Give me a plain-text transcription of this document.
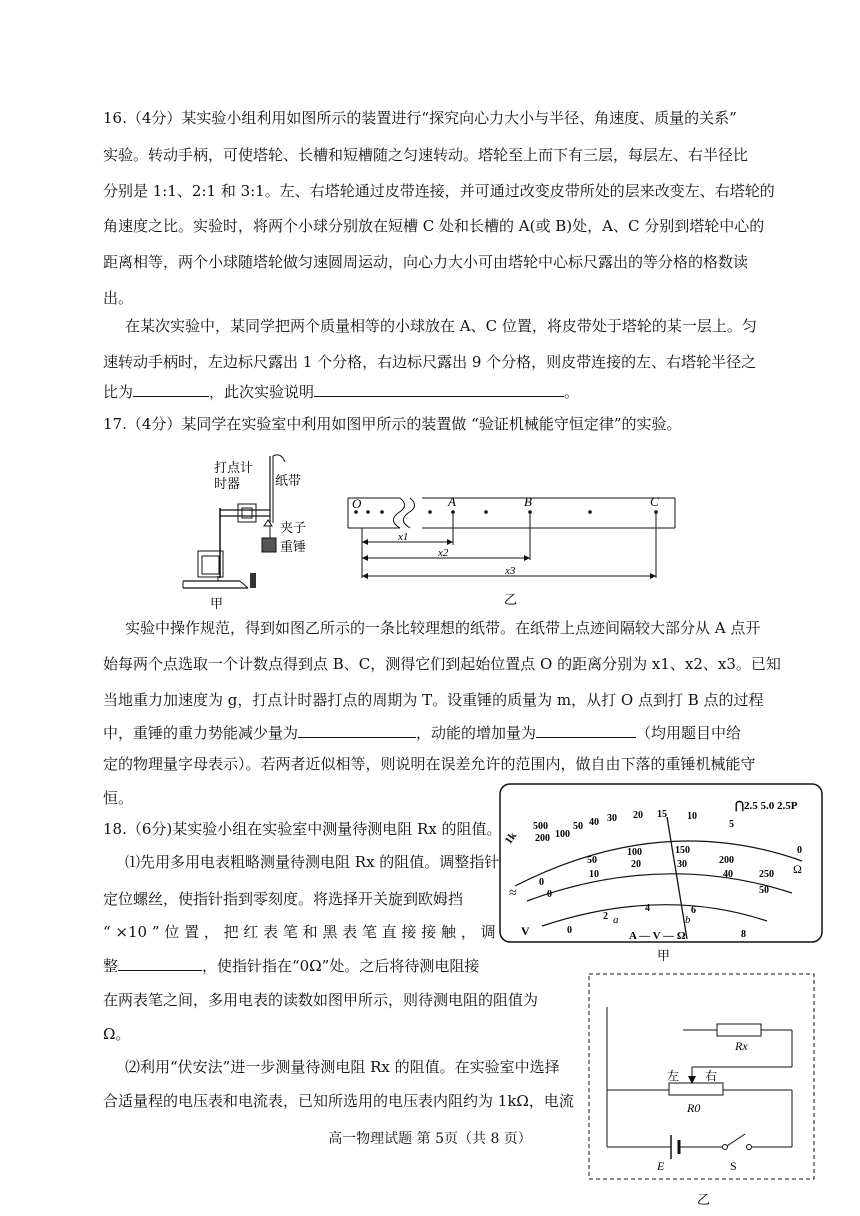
16.（4分）某实验小组利用如图所示的装置进行“探究向心力大小与半径、角速度、质量的关系”
实验。转动手柄，可使塔轮、长槽和短槽随之匀速转动。塔轮至上而下有三层，每层左、右半径比
分别是 1:1、2:1 和 3:1。左、右塔轮通过皮带连接，并可通过改变皮带所处的层来改变左、右塔轮的
角速度之比。实验时，将两个小球分别放在短槽 C 处和长槽的 A(或 B)处，A、C 分别到塔轮中心的
距离相等，两个小球随塔轮做匀速圆周运动，向心力大小可由塔轮中心标尺露出的等分格的格数读
出。
在某次实验中，某同学把两个质量相等的小球放在 A、C 位置，将皮带处于塔轮的某一层上。匀
速转动手柄时，左边标尺露出 1 个分格，右边标尺露出 9 个分格，则皮带连接的左、右塔轮半径之
比为	，此次实验说明	。
17.（4分）某同学在实验室中利用如图甲所示的装置做 “验证机械能守恒定律”的实验。
打点计
时器	纸带
夹子
重锤
甲
O	A	B	C
x1
x2
x3
乙
实验中操作规范，得到如图乙所示的一条比较理想的纸带。在纸带上点迹间隔较大部分从 A 点开
始每两个点选取一个计数点得到点 B、C，测得它们到起始位置点 O 的距离分别为 x1、x2、x3。已知
当地重力加速度为 g，打点计时器打点的周期为 T。设重锤的质量为 m，从打 O 点到打 B 点的过程
中，重锤的重力势能减少量为	，动能的增加量为	（均用题目中给
定的物理量字母表示）。若两者近似相等，则说明在误差允许的范围内，做自由下落的重锤机械能守
恒。
18.（6分)某实验小组在实验室中测量待测电阻 Rx 的阻值。
⑴先用多用电表粗略测量待测电阻 Rx 的阻值。调整指针
定位螺丝，使指针指到零刻度。将选择开关旋到欧姆挡
“ ×10 ” 位 置 ， 把 红 表 笔 和 黑 表 笔 直 接 接 触 ， 调
整	，使指针指在“0Ω”处。之后将待测电阻接
在两表笔之间，多用电表的读数如图甲所示，则待测电阻的阻值为
Ω。
⑵利用“伏安法”进一步测量待测电阻 Rx 的阻值。在实验室中选择
合适量程的电压表和电流表，已知所选用的电压表内阻约为 1kΩ，电流
1k
500
200 100
50 40 30 20 15 10
5
0
0
50
100	150
200
250
0
10
20	30
40
50
0
2
4	6
8
⋂2.5 5.0 2.5P
Ω
≈
V
a	b
A — V — Ω
甲
Rx
左 右
R0
E	S
乙
高一物理试题 第 5页（共 8 页）
